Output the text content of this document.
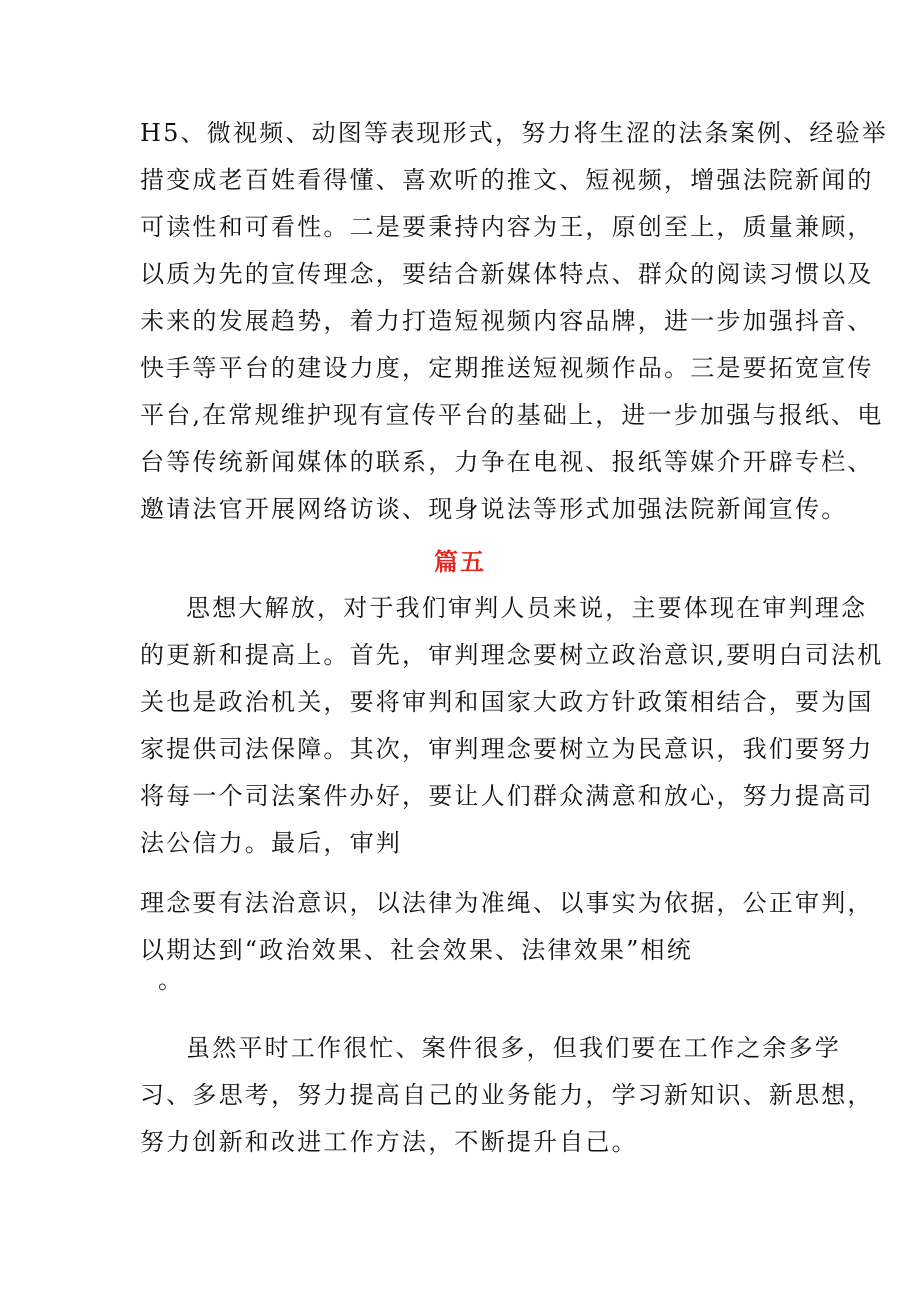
H5、微视频、动图等表现形式，努力将生涩的法条案例、经验举
措变成老百姓看得懂、喜欢听的推文、短视频，增强法院新闻的
可读性和可看性。二是要秉持内容为王，原创至上，质量兼顾，
以质为先的宣传理念，要结合新媒体特点、群众的阅读习惯以及
未来的发展趋势，着力打造短视频内容品牌，进一步加强抖音、
快手等平台的建设力度，定期推送短视频作品。三是要拓宽宣传
平台,在常规维护现有宣传平台的基础上，进一步加强与报纸、电
台等传统新闻媒体的联系，力争在电视、报纸等媒介开辟专栏、
邀请法官开展网络访谈、现身说法等形式加强法院新闻宣传。
篇五
思想大解放，对于我们审判人员来说，主要体现在审判理念
的更新和提高上。首先，审判理念要树立政治意识,要明白司法机
关也是政治机关，要将审判和国家大政方针政策相结合，要为国
家提供司法保障。其次，审判理念要树立为民意识，我们要努力
将每一个司法案件办好，要让人们群众满意和放心，努力提高司
法公信力。最后，审判
理念要有法治意识，以法律为准绳、以事实为依据，公正审判，
以期达到“政治效果、社会效果、法律效果”相统
。
虽然平时工作很忙、案件很多，但我们要在工作之余多学
习、多思考，努力提高自己的业务能力，学习新知识、新思想，
努力创新和改进工作方法，不断提升自己。
